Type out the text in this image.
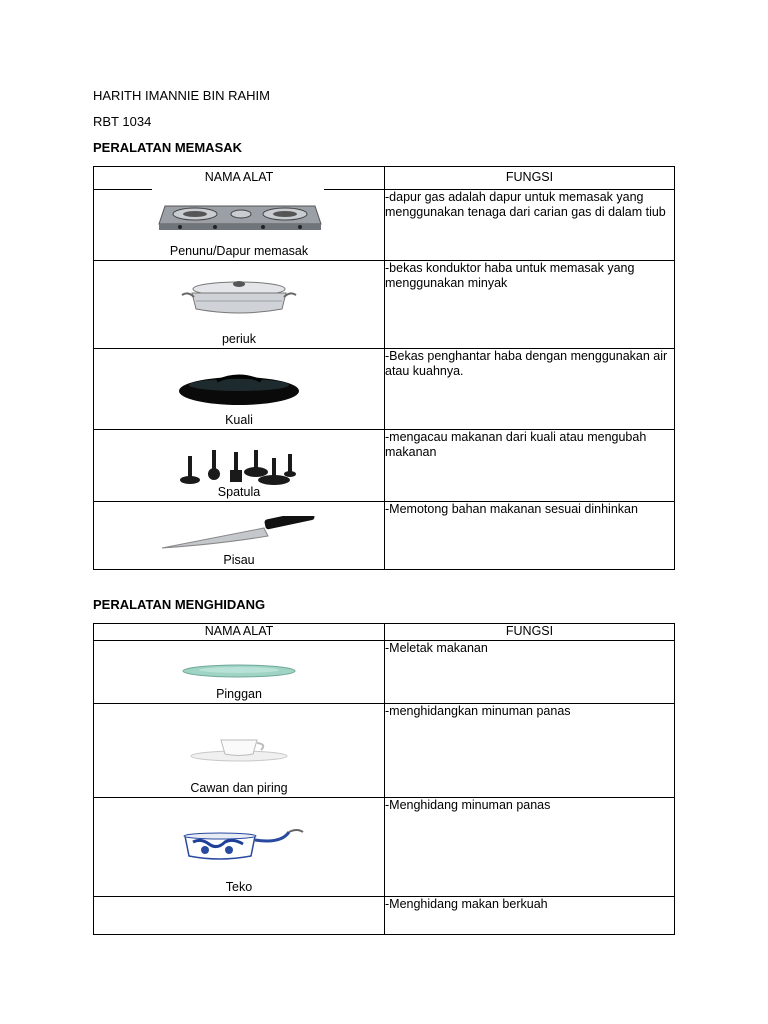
HARITH IMANNIE BIN RAHIM

RBT 1034

PERALATAN MEMASAK

NAMA ALAT	FUNGSI

Penunu/Dapur memasak	-dapur gas adalah dapur untuk memasak yang menggunakan tenaga dari carian gas di dalam tiub

periuk	-bekas konduktor haba untuk memasak yang menggunakan minyak

Kuali	-Bekas penghantar haba dengan menggunakan air atau kuahnya.

Spatula	-mengacau makanan dari kuali atau mengubah makanan

Pisau	-Memotong bahan makanan sesuai dinhinkan

PERALATAN MENGHIDANG

NAMA ALAT	FUNGSI

Pinggan	-Meletak makanan

Cawan dan piring	-menghidangkan minuman panas

Teko	-Menghidang minuman panas

	-Menghidang makan berkuah
